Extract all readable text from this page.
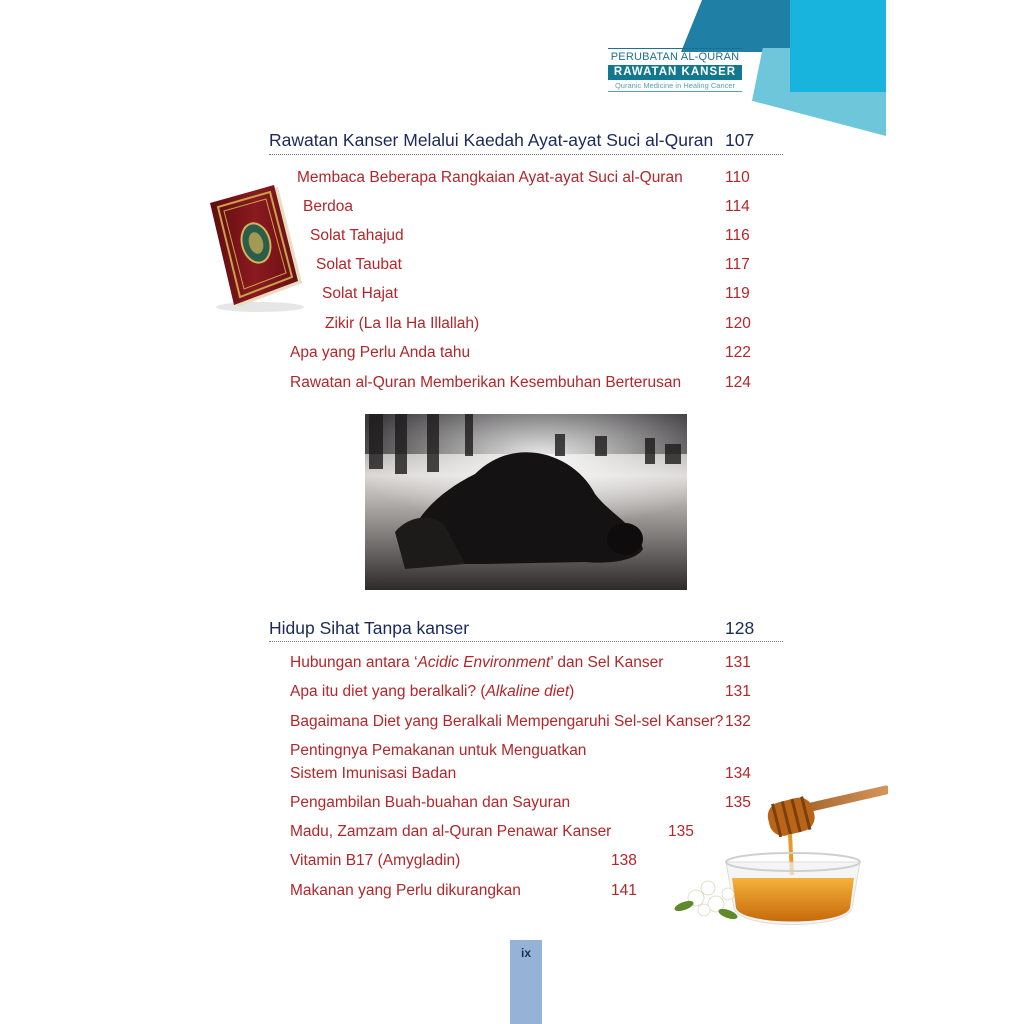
PERUBATAN AL-QURAN
RAWATAN KANSER
Quranic Medicine in Healing Cancer
Rawatan Kanser Melalui Kaedah Ayat-ayat Suci al-Quran 107
Membaca Beberapa Rangkaian Ayat-ayat Suci al-Quran	110
Berdoa	114
Solat Tahajud	116
Solat Taubat	117
Solat Hajat	119
Zikir (La Ila Ha Illallah)	120
Apa yang Perlu Anda tahu	122
Rawatan al-Quran Memberikan Kesembuhan Berterusan	124
Hidup Sihat Tanpa kanser	128
Hubungan antara ‘Acidic Environment’ dan Sel Kanser	131
Apa itu diet yang beralkali? (Alkaline diet)	131
Bagaimana Diet yang Beralkali Mempengaruhi Sel-sel Kanser? 132
Pentingnya Pemakanan untuk Menguatkan
Sistem Imunisasi Badan	134
Pengambilan Buah-buahan dan Sayuran	135
Madu, Zamzam dan al-Quran Penawar Kanser	135
Vitamin B17 (Amygladin)	138
Makanan yang Perlu dikurangkan	141
ix
